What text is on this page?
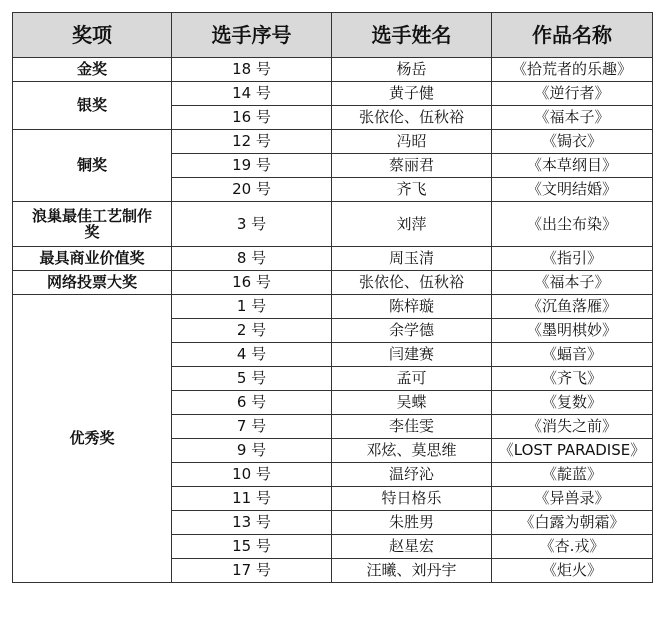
奖项	选手序号	选手姓名	作品名称
金奖	18 号	杨岳	《拾荒者的乐趣》
银奖	14 号	黄子健	《逆行者》
	16 号	张依伦、伍秋裕	《福本子》
铜奖	12 号	冯昭	《锔衣》
	19 号	蔡丽君	《本草纲目》
	20 号	齐飞	《文明结婚》
浪巢最佳工艺制作奖	3 号	刘萍	《出尘布染》
最具商业价值奖	8 号	周玉清	《指引》
网络投票大奖	16 号	张依伦、伍秋裕	《福本子》
优秀奖	1 号	陈梓璇	《沉鱼落雁》
	2 号	余学德	《墨明棋妙》
	4 号	闫建赛	《蝠音》
	5 号	孟可	《齐飞》
	6 号	吴蝶	《复数》
	7 号	李佳雯	《消失之前》
	9 号	邓炫、莫思维	《LOST PARADISE》
	10 号	温纾沁	《靛蓝》
	11 号	特日格乐	《异兽录》
	13 号	朱胜男	《白露为朝霜》
	15 号	赵星宏	《杏.戎》
	17 号	汪曦、刘丹宇	《炬火》
